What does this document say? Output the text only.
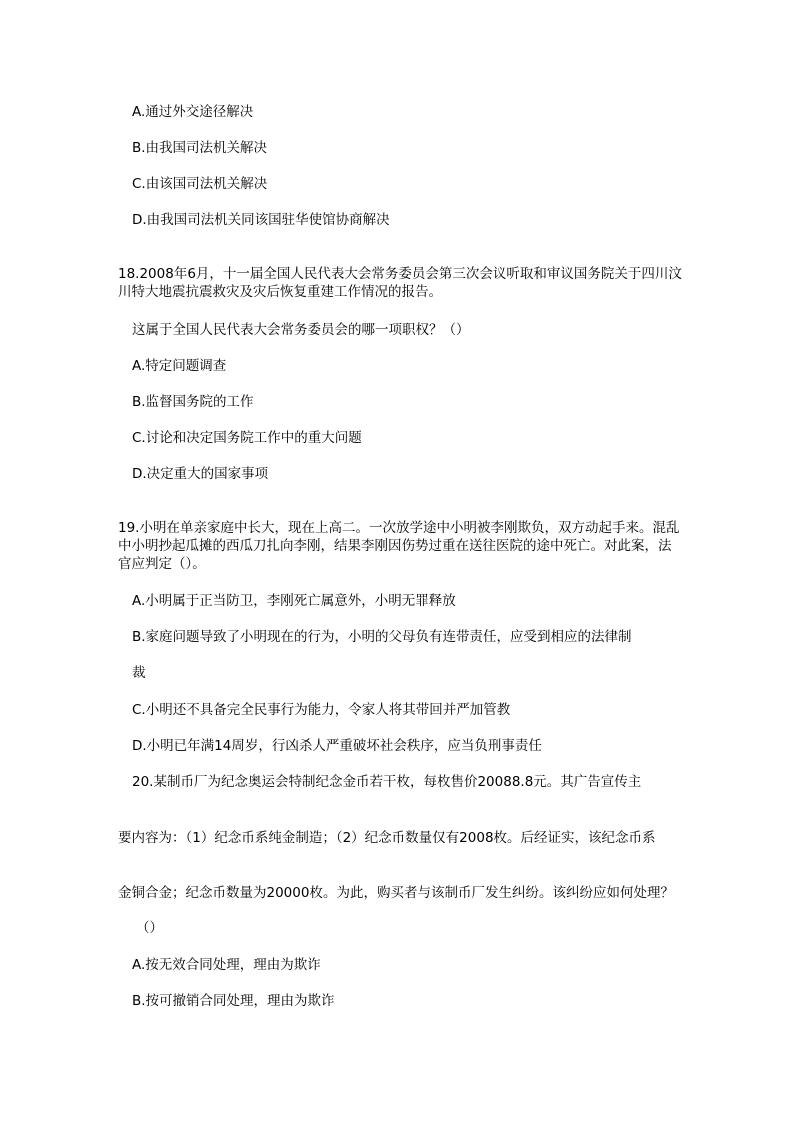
A.通过外交途径解决
B.由我国司法机关解决
C.由该国司法机关解决
D.由我国司法机关同该国驻华使馆协商解决
18.2008年6月，十一届全国人民代表大会常务委员会第三次会议听取和审议国务院关于四川汶
川特大地震抗震救灾及灾后恢复重建工作情况的报告。
这属于全国人民代表大会常务委员会的哪一项职权？（）
A.特定问题调查
B.监督国务院的工作
C.讨论和决定国务院工作中的重大问题
D.决定重大的国家事项
19.小明在单亲家庭中长大，现在上高二。一次放学途中小明被李刚欺负，双方动起手来。混乱
中小明抄起瓜摊的西瓜刀扎向李刚，结果李刚因伤势过重在送往医院的途中死亡。对此案，法
官应判定（）。
A.小明属于正当防卫，李刚死亡属意外，小明无罪释放
B.家庭问题导致了小明现在的行为，小明的父母负有连带责任，应受到相应的法律制
裁
C.小明还不具备完全民事行为能力，令家人将其带回并严加管教
D.小明已年满14周岁，行凶杀人严重破坏社会秩序，应当负刑事责任
20.某制币厂为纪念奥运会特制纪念金币若干枚，每枚售价20088.8元。其广告宣传主
要内容为：（1）纪念币系纯金制造；（2）纪念币数量仅有2008枚。后经证实，该纪念币系
金铜合金；纪念币数量为20000枚。为此，购买者与该制币厂发生纠纷。该纠纷应如何处理？
（）
A.按无效合同处理，理由为欺诈
B.按可撤销合同处理，理由为欺诈
